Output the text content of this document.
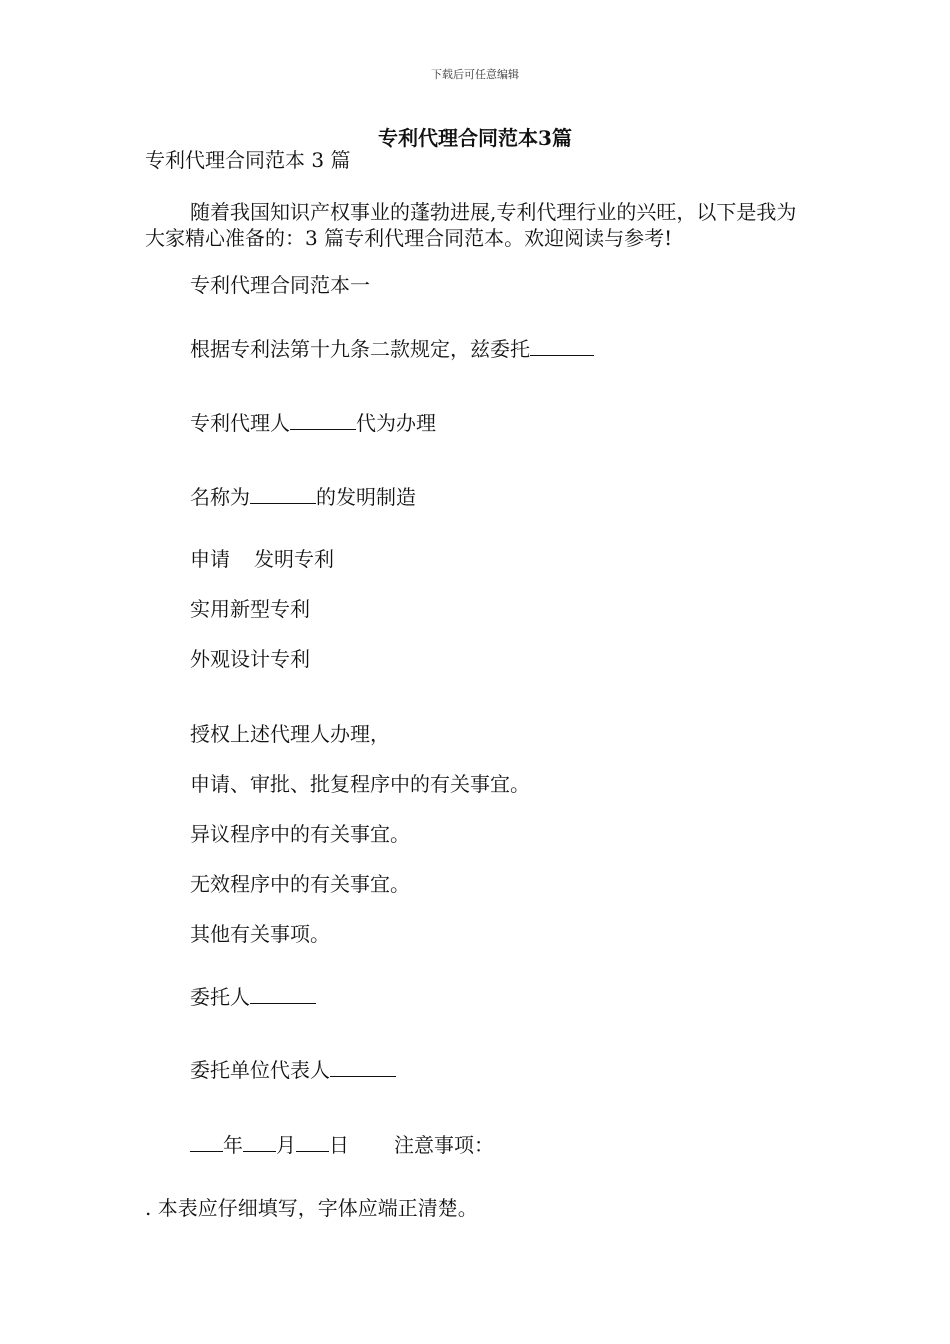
下载后可任意编辑
专利代理合同范本3篇
专利代理合同范本 3 篇
随着我国知识产权事业的蓬勃进展,专利代理行业的兴旺，以下是我为大家精心准备的：3 篇专利代理合同范本。欢迎阅读与参考!
专利代理合同范本一
根据专利法第十九条二款规定，兹委托
专利代理人	代为办理
名称为	的发明制造
申请 发明专利
实用新型专利
外观设计专利
授权上述代理人办理，
申请、审批、批复程序中的有关事宜。
异议程序中的有关事宜。
无效程序中的有关事宜。
其他有关事项。
委托人
委托单位代表人
年 月 日 注意事项：
. 本表应仔细填写，字体应端正清楚。
